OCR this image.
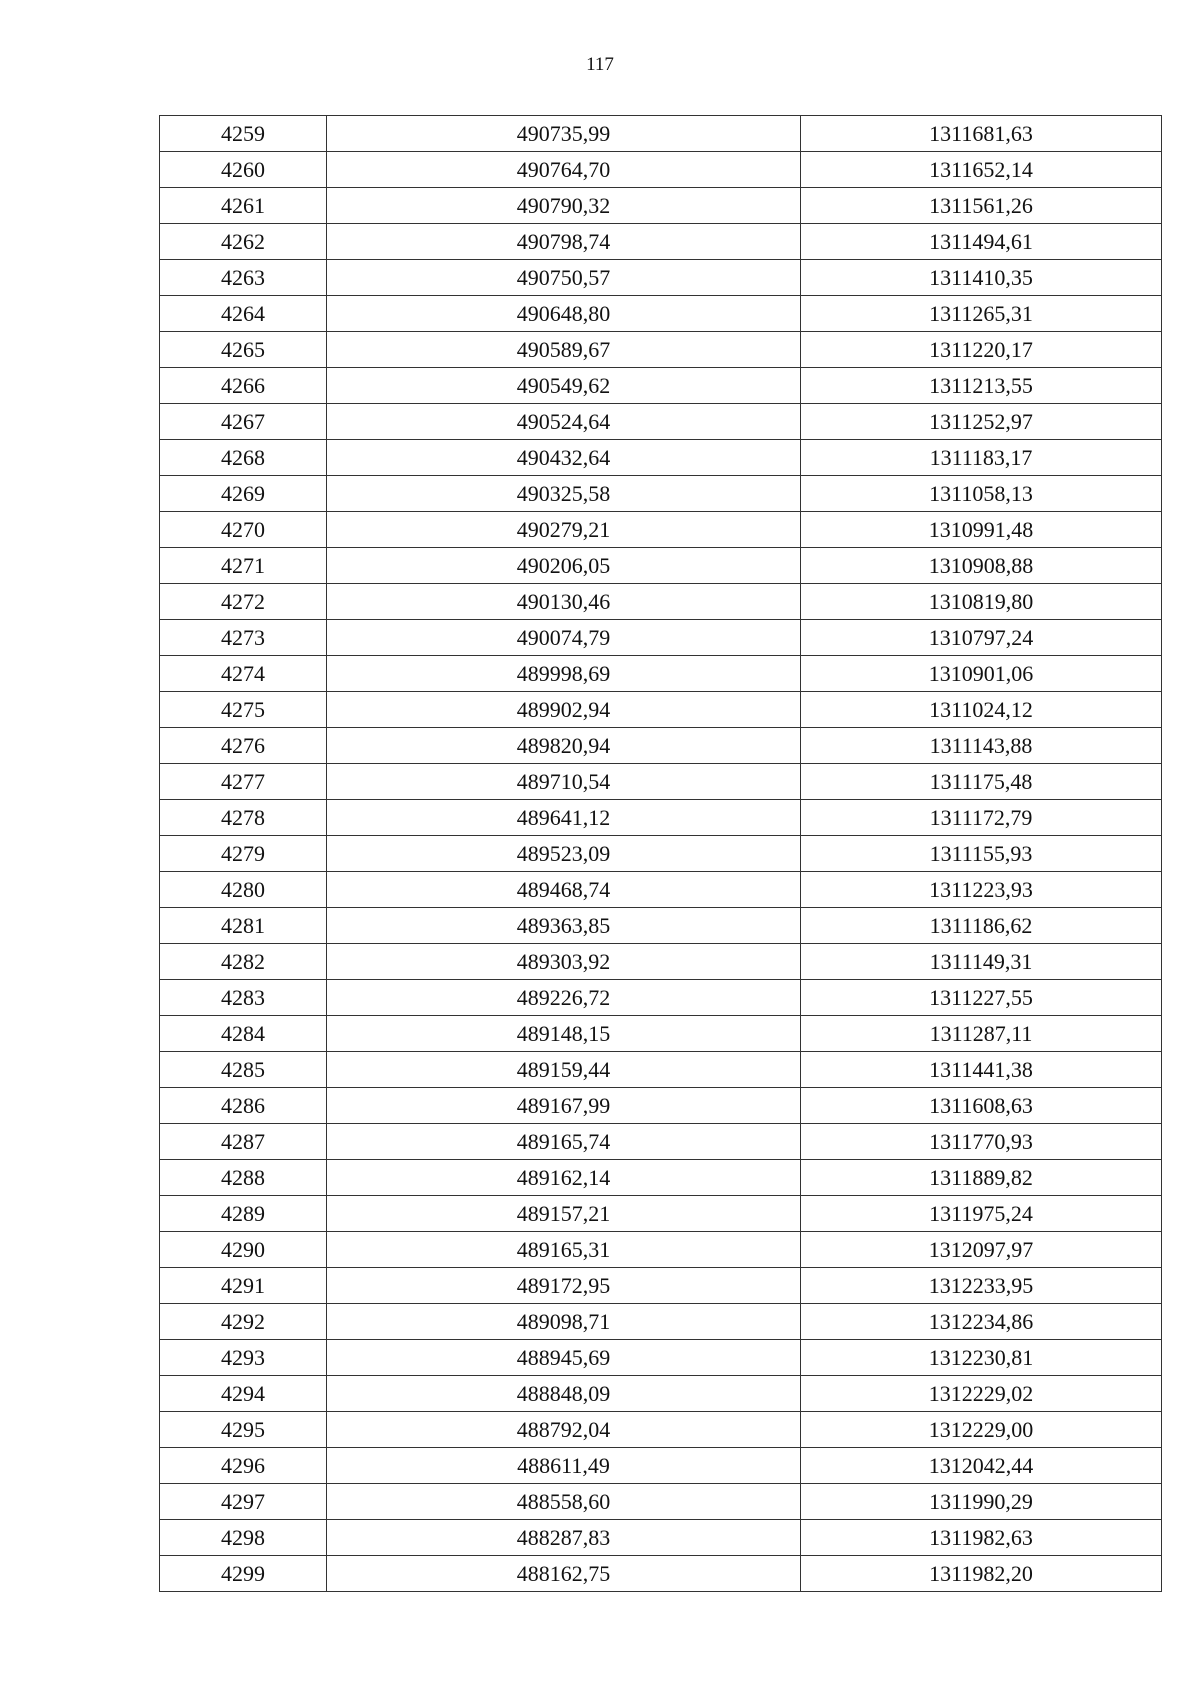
117
4259	490735,99	1311681,63
4260	490764,70	1311652,14
4261	490790,32	1311561,26
4262	490798,74	1311494,61
4263	490750,57	1311410,35
4264	490648,80	1311265,31
4265	490589,67	1311220,17
4266	490549,62	1311213,55
4267	490524,64	1311252,97
4268	490432,64	1311183,17
4269	490325,58	1311058,13
4270	490279,21	1310991,48
4271	490206,05	1310908,88
4272	490130,46	1310819,80
4273	490074,79	1310797,24
4274	489998,69	1310901,06
4275	489902,94	1311024,12
4276	489820,94	1311143,88
4277	489710,54	1311175,48
4278	489641,12	1311172,79
4279	489523,09	1311155,93
4280	489468,74	1311223,93
4281	489363,85	1311186,62
4282	489303,92	1311149,31
4283	489226,72	1311227,55
4284	489148,15	1311287,11
4285	489159,44	1311441,38
4286	489167,99	1311608,63
4287	489165,74	1311770,93
4288	489162,14	1311889,82
4289	489157,21	1311975,24
4290	489165,31	1312097,97
4291	489172,95	1312233,95
4292	489098,71	1312234,86
4293	488945,69	1312230,81
4294	488848,09	1312229,02
4295	488792,04	1312229,00
4296	488611,49	1312042,44
4297	488558,60	1311990,29
4298	488287,83	1311982,63
4299	488162,75	1311982,20
